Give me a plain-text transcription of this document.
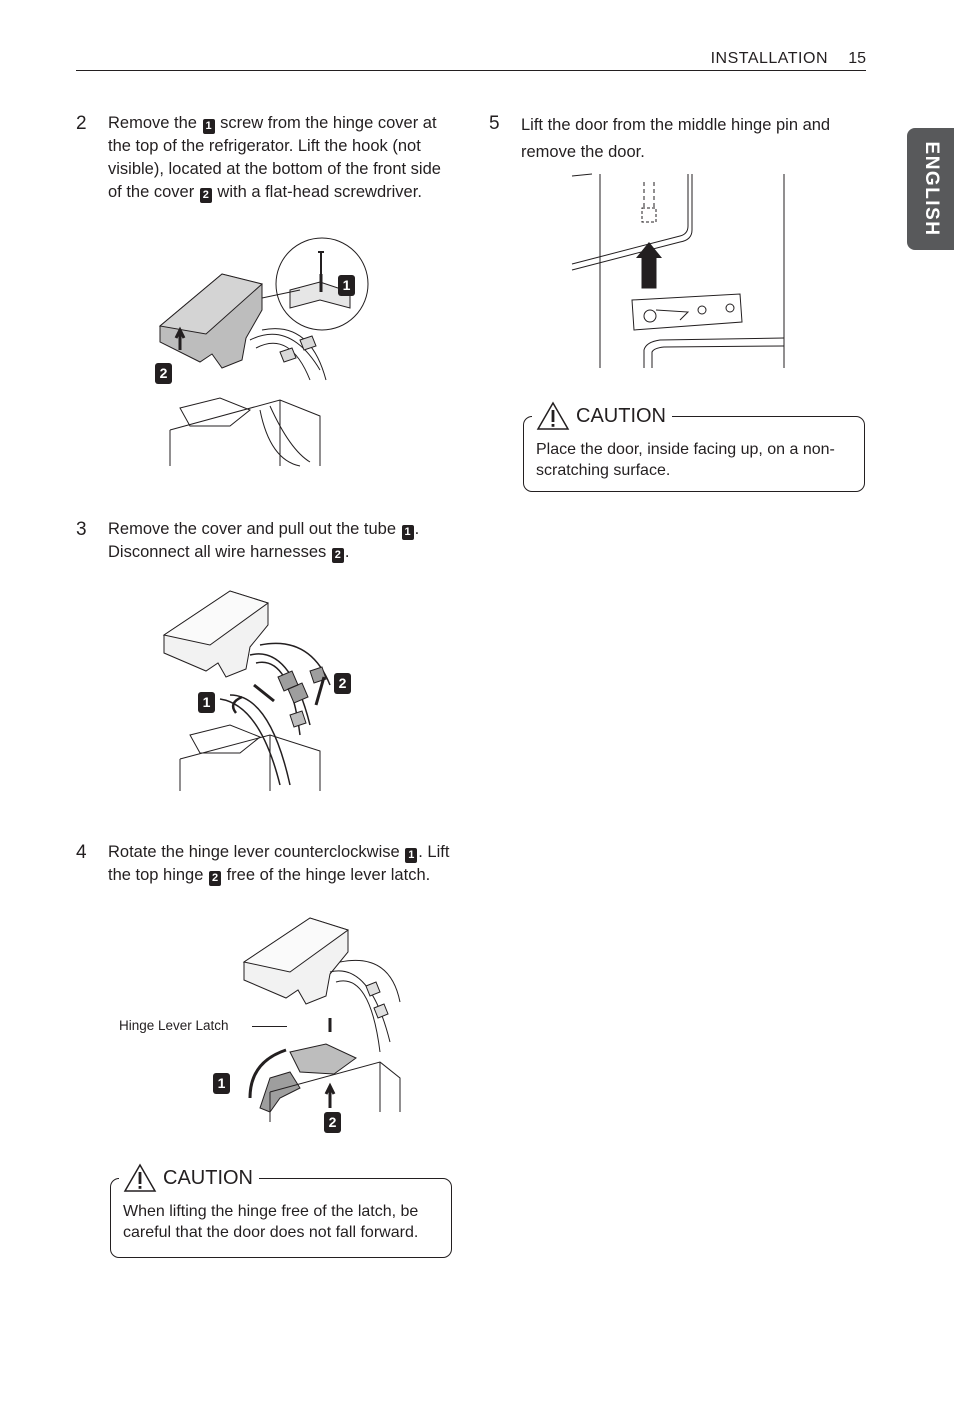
INSTALLATION 15
ENGLISH
2 Remove the 1 screw from the hinge cover at the top of the refrigerator. Lift the hook (not visible), located at the bottom of the front side of the cover 2 with a flat-head screwdriver.
2
1
3 Remove the cover and pull out the tube 1 . Disconnect all wire harnesses 2 .
1
2
4 Rotate the hinge lever counterclockwise 1 . Lift the top hinge 2 free of the hinge lever latch.
Hinge Lever Latch
1
2
CAUTION
When lifting the hinge free of the latch, be careful that the door does not fall forward.
5 Lift the door from the middle hinge pin and remove the door.
CAUTION
Place the door, inside facing up, on a non-scratching surface.
